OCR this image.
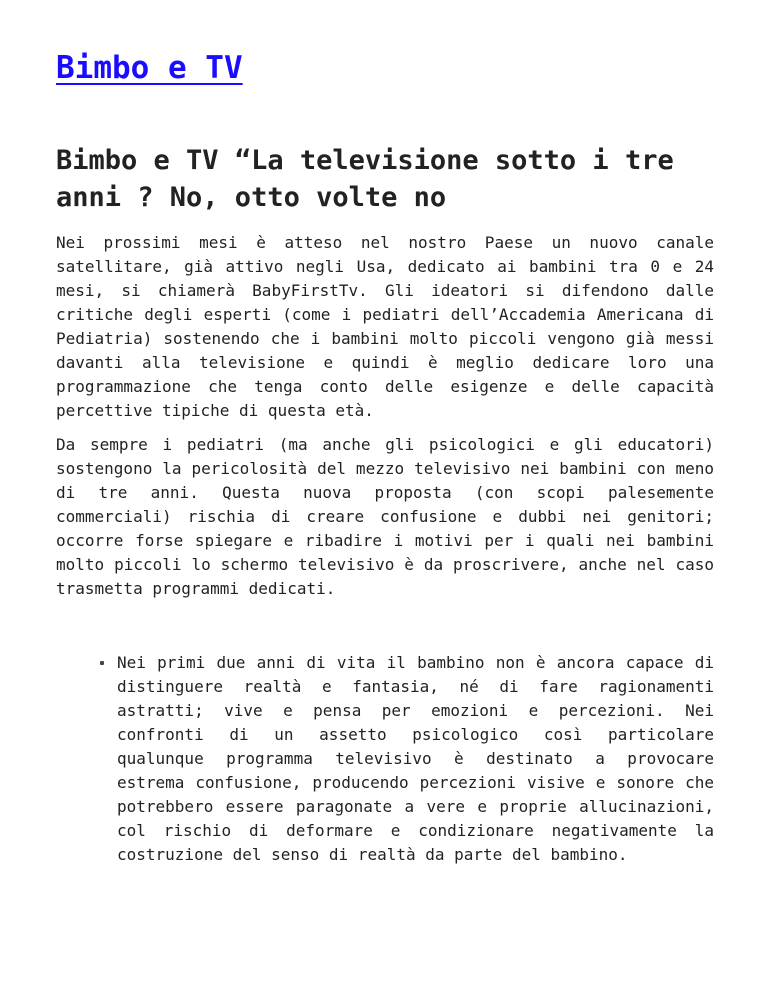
Bimbo e TV
Bimbo e TV “La televisione sotto i tre anni ? No, otto volte no

Nei prossimi mesi è atteso nel nostro Paese un nuovo canale satellitare, già attivo negli Usa, dedicato ai bambini tra 0 e 24 mesi, si chiamerà BabyFirstTv. Gli ideatori si difendono dalle critiche degli esperti (come i pediatri dell’Accademia Americana di Pediatria) sostenendo che i bambini molto piccoli vengono già messi davanti alla televisione e quindi è meglio dedicare loro una programmazione che tenga conto delle esigenze e delle capacità percettive tipiche di questa età.

Da sempre i pediatri (ma anche gli psicologici e gli educatori) sostengono la pericolosità del mezzo televisivo nei bambini con meno di tre anni. Questa nuova proposta (con scopi palesemente commerciali) rischia di creare confusione e dubbi nei genitori; occorre forse spiegare e ribadire i motivi per i quali nei bambini molto piccoli lo schermo televisivo è da proscrivere, anche nel caso trasmetta programmi dedicati.

Nei primi due anni di vita il bambino non è ancora capace di distinguere realtà e fantasia, né di fare ragionamenti astratti; vive e pensa per emozioni e percezioni. Nei confronti di un assetto psicologico così particolare qualunque programma televisivo è destinato a provocare estrema confusione, producendo percezioni visive e sonore che potrebbero essere paragonate a vere e proprie allucinazioni, col rischio di deformare e condizionare negativamente la costruzione del senso di realtà da parte del bambino.
